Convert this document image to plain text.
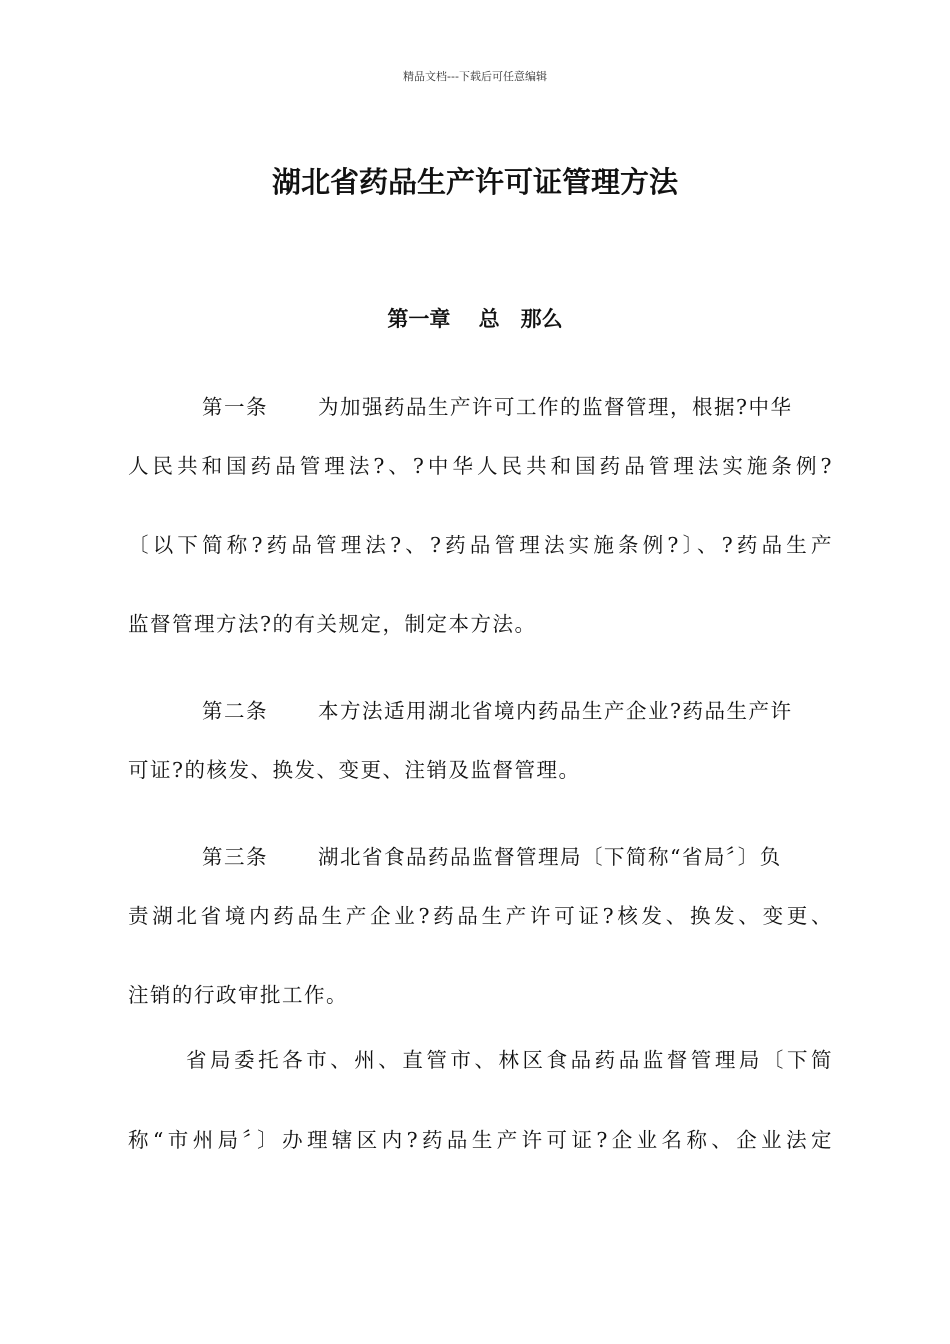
精品文档---下载后可任意编辑
湖北省药品生产许可证管理方法
第一章　 总　那么

第一条 为加强药品生产许可工作的监督管理，根据?中华

人民共和国药品管理法?、?中华人民共和国药品管理法实施条例?
〔以下简称?药品管理法?、?药品管理法实施条例?〕、?药品生产
监督管理方法?的有关规定，制定本方法。

第二条 本方法适用湖北省境内药品生产企业?药品生产许

可证?的核发、换发、变更、注销及监督管理。

第三条 湖北省食品药品监督管理局〔下简称“省局〞〕负

责湖北省境内药品生产企业?药品生产许可证?核发、换发、变更、
注销的行政审批工作。
省局委托各市、州、直管市、林区食品药品监督管理局〔下简
称“市州局〞〕办理辖区内?药品生产许可证?企业名称、企业法定
